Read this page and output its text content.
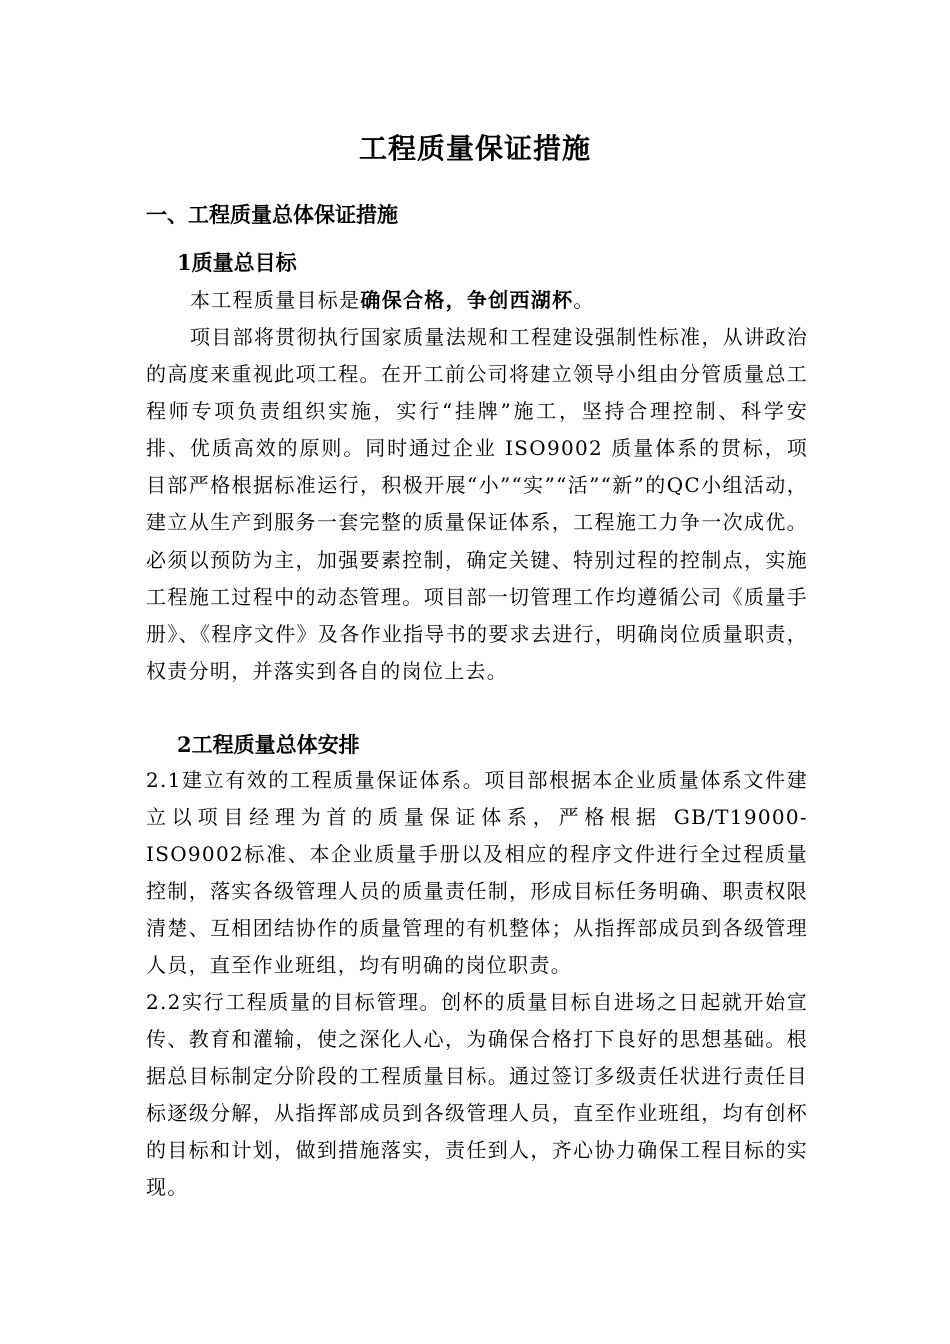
工程质量保证措施
一、工程质量总体保证措施
1质量总目标

本工程质量目标是确保合格，争创西湖杯。

项目部将贯彻执行国家质量法规和工程建设强制性标准，从讲政治的高度来重视此项工程。在开工前公司将建立领导小组由分管质量总工程师专项负责组织实施，实行“挂牌”施工，坚持合理控制、科学安排、优质高效的原则。同时通过企业 ISO9002 质量体系的贯标，项目部严格根据标准运行，积极开展“小”“实”“活”“新”的QC小组活动，建立从生产到服务一套完整的质量保证体系，工程施工力争一次成优。必须以预防为主，加强要素控制，确定关键、特别过程的控制点，实施工程施工过程中的动态管理。项目部一切管理工作均遵循公司《质量手册》、《程序文件》及各作业指导书的要求去进行，明确岗位质量职责，权责分明，并落实到各自的岗位上去。

2工程质量总体安排

2.1建立有效的工程质量保证体系。项目部根据本企业质量体系文件建立以项目经理为首的质量保证体系，严格根据 GB/T19000-ISO9002标准、本企业质量手册以及相应的程序文件进行全过程质量控制，落实各级管理人员的质量责任制，形成目标任务明确、职责权限清楚、互相团结协作的质量管理的有机整体；从指挥部成员到各级管理人员，直至作业班组，均有明确的岗位职责。

2.2实行工程质量的目标管理。创杯的质量目标自进场之日起就开始宣传、教育和灌输，使之深化人心，为确保合格打下良好的思想基础。根据总目标制定分阶段的工程质量目标。通过签订多级责任状进行责任目标逐级分解，从指挥部成员到各级管理人员，直至作业班组，均有创杯的目标和计划，做到措施落实，责任到人，齐心协力确保工程目标的实现。
